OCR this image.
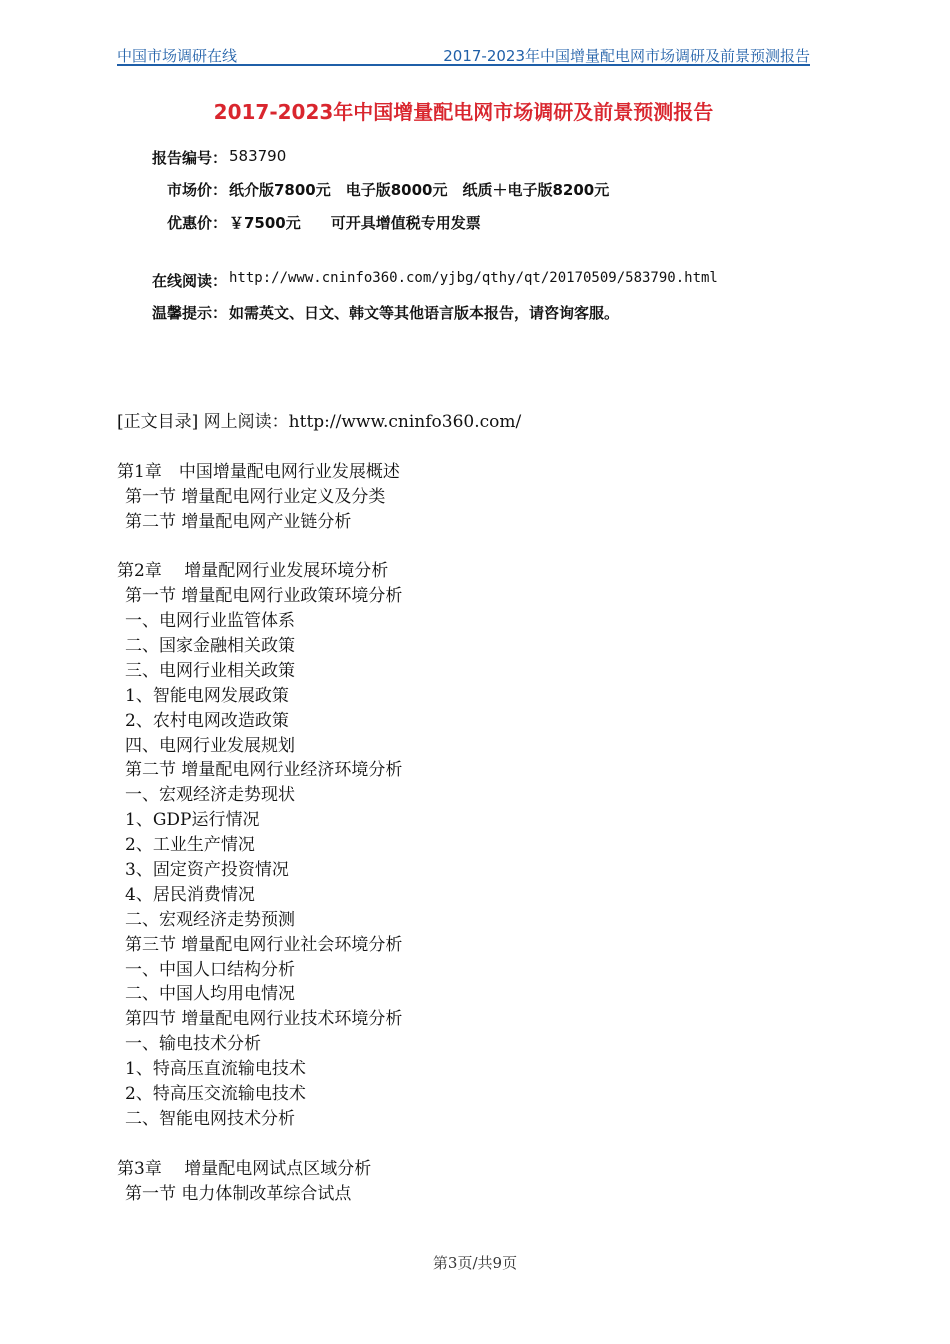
中国市场调研在线	2017-2023年中国增量配电网市场调研及前景预测报告
2017-2023年中国增量配电网市场调研及前景预测报告
报告编号： 583790
市场价： 纸介版7800元　电子版8000元　纸质＋电子版8200元
优惠价： ￥7500元　　可开具增值税专用发票
在线阅读： http://www.cninfo360.com/yjbg/qthy/qt/20170509/583790.html
温馨提示： 如需英文、日文、韩文等其他语言版本报告，请咨询客服。
[正文目录] 网上阅读：http://www.cninfo360.com/
第1章　中国增量配电网行业发展概述
第一节 增量配电网行业定义及分类
第二节 增量配电网产业链分析
第2章　 增量配网行业发展环境分析
第一节 增量配电网行业政策环境分析
一、电网行业监管体系
二、国家金融相关政策
三、电网行业相关政策
1、智能电网发展政策
2、农村电网改造政策
四、电网行业发展规划
第二节 增量配电网行业经济环境分析
一、宏观经济走势现状
1、GDP运行情况
2、工业生产情况
3、固定资产投资情况
4、居民消费情况
二、宏观经济走势预测
第三节 增量配电网行业社会环境分析
一、中国人口结构分析
二、中国人均用电情况
第四节 增量配电网行业技术环境分析
一、输电技术分析
1、特高压直流输电技术
2、特高压交流输电技术
二、智能电网技术分析
第3章　 增量配电网试点区域分析
第一节 电力体制改革综合试点
第3页/共9页
